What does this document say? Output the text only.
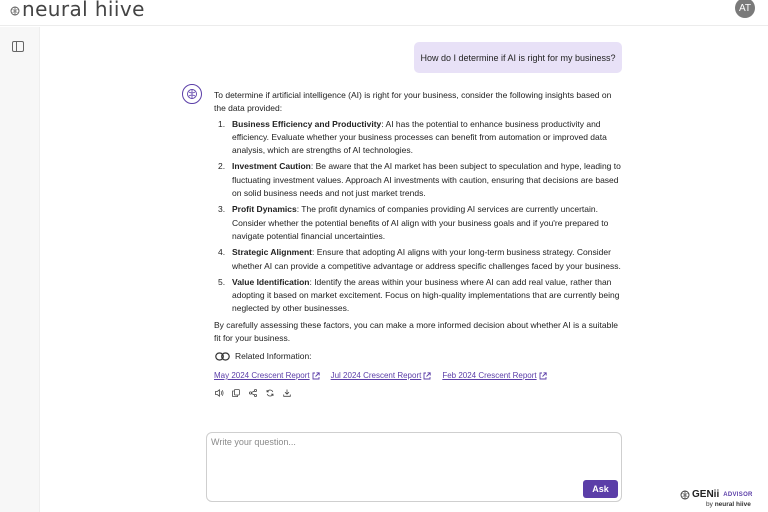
neural hiive	AT
How do I determine if AI is right for my business?

To determine if artificial intelligence (AI) is right for your business, consider the following insights based on the data provided:

1. Business Efficiency and Productivity: AI has the potential to enhance business productivity and efficiency. Evaluate whether your business processes can benefit from automation or improved data analysis, which are strengths of AI technologies.
2. Investment Caution: Be aware that the AI market has been subject to speculation and hype, leading to fluctuating investment values. Approach AI investments with caution, ensuring that decisions are based on solid business needs and not just market trends.
3. Profit Dynamics: The profit dynamics of companies providing AI services are currently uncertain. Consider whether the potential benefits of AI align with your business goals and if you're prepared to navigate potential financial uncertainties.
4. Strategic Alignment: Ensure that adopting AI aligns with your long-term business strategy. Consider whether AI can provide a competitive advantage or address specific challenges faced by your business.
5. Value Identification: Identify the areas within your business where AI can add real value, rather than adopting it based on market excitement. Focus on high-quality implementations that are currently being neglected by other businesses.

By carefully assessing these factors, you can make a more informed decision about whether AI is a suitable fit for your business.

Related Information:
May 2024 Crescent Report	Jul 2024 Crescent Report	Feb 2024 Crescent Report
Write your question...
Ask	GENii ADVISOR
by neural hiive
